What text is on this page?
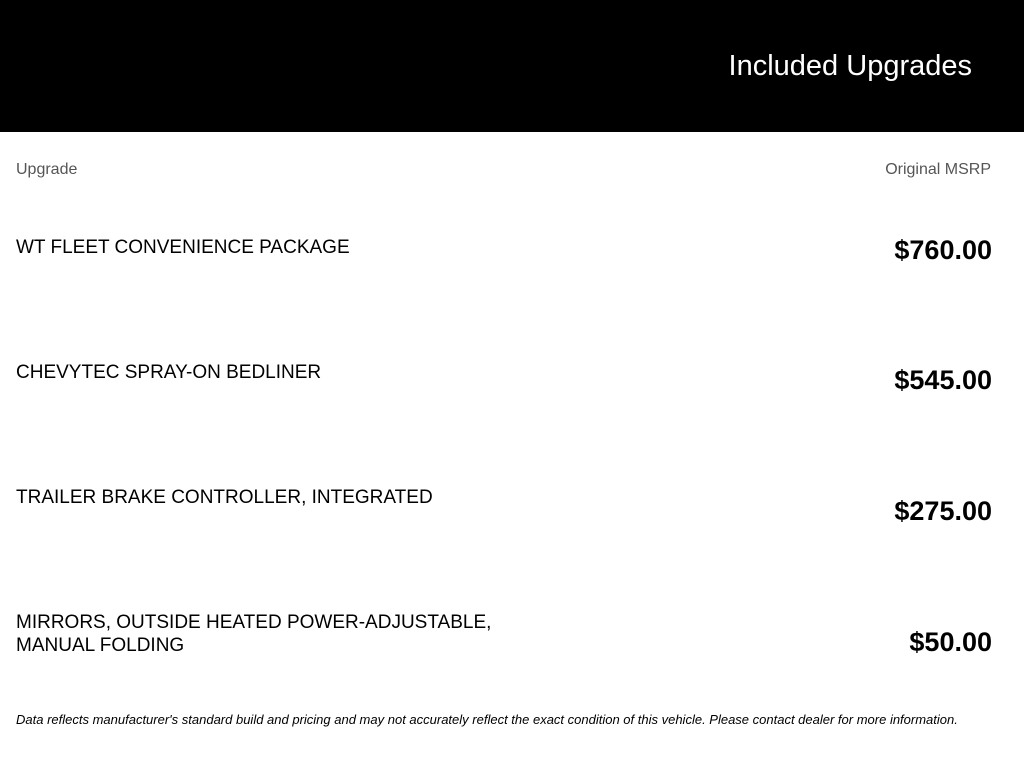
Included Upgrades
Upgrade	Original MSRP
WT FLEET CONVENIENCE PACKAGE	$760.00
CHEVYTEC SPRAY-ON BEDLINER	$545.00
TRAILER BRAKE CONTROLLER, INTEGRATED	$275.00
MIRRORS, OUTSIDE HEATED POWER-ADJUSTABLE, MANUAL FOLDING	$50.00
Data reflects manufacturer's standard build and pricing and may not accurately reflect the exact condition of this vehicle. Please contact dealer for more information.
